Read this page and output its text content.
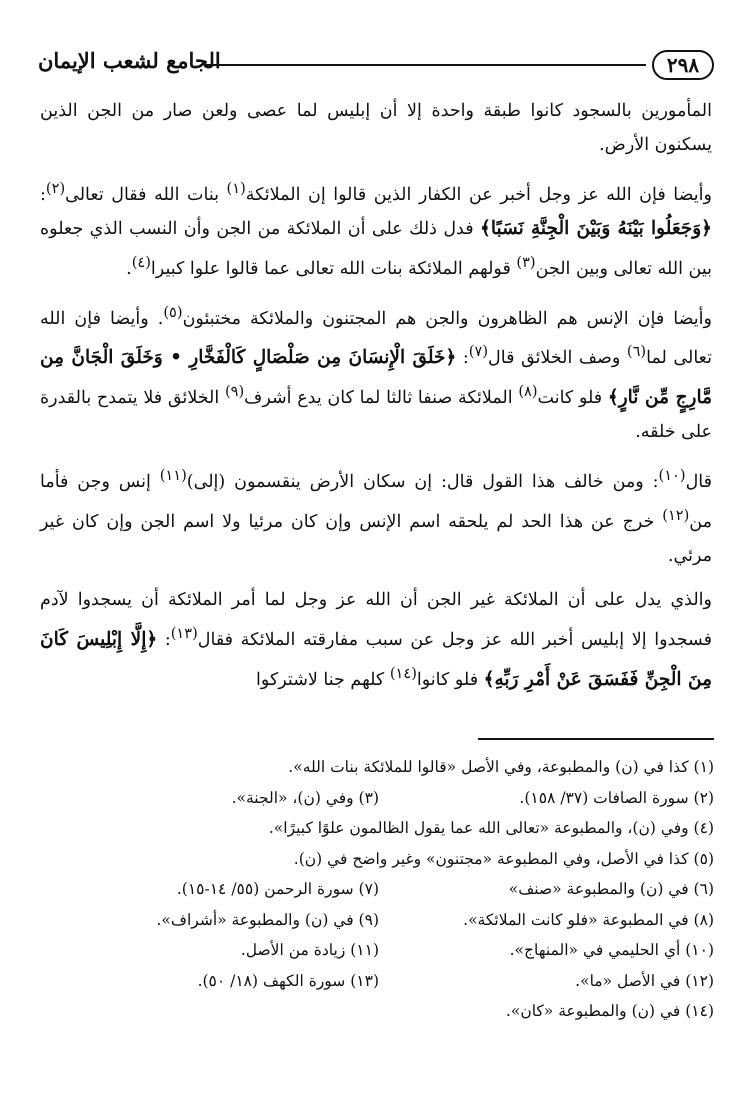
٢٩٨
الجامع لشعب الإيمان

المأمورين بالسجود كانوا طبقة واحدة إلا أن إبليس لما عصى ولعن صار من الجن الذين يسكنون الأرض.

وأيضا فإن الله عز وجل أخبر عن الكفار الذين قالوا إن الملائكة$^{(١)}$ بنات الله فقال تعالى$^{(٢)}$: ﴿وَجَعَلُوا بَيْنَهُ وَبَيْنَ الْجِنَّةِ نَسَبًا﴾ فدل ذلك على أن الملائكة من الجن وأن النسب الذي جعلوه بين الله تعالى وبين الجن$^{(٣)}$ قولهم الملائكة بنات الله تعالى عما قالوا علوا كبيرا$^{(٤)}$.

وأيضا فإن الإنس هم الظاهرون والجن هم المجتنون والملائكة مختبئون$^{(٥)}$. وأيضا فإن الله تعالى لما$^{(٦)}$ وصف الخلائق قال$^{(٧)}$: ﴿خَلَقَ الْإِنسَانَ مِن صَلْصَالٍ كَالْفَخَّارِ • وَخَلَقَ الْجَانَّ مِن مَّارِجٍ مِّن نَّارٍ﴾ فلو كانت$^{(٨)}$ الملائكة صنفا ثالثا لما كان يدع أشرف$^{(٩)}$ الخلائق فلا يتمدح بالقدرة على خلقه.

قال$^{(١٠)}$: ومن خالف هذا القول قال: إن سكان الأرض ينقسمون (إلى)$^{(١١)}$ إنس وجن فأما من$^{(١٢)}$ خرج عن هذا الحد لم يلحقه اسم الإنس وإن كان مرئيا ولا اسم الجن وإن كان غير مرئي.

والذي يدل على أن الملائكة غير الجن أن الله عز وجل لما أمر الملائكة أن يسجدوا لآدم فسجدوا إلا إبليس أخبر الله عز وجل عن سبب مفارقته الملائكة فقال$^{(١٣)}$: ﴿إِلَّا إِبْلِيسَ كَانَ مِنَ الْجِنِّ فَفَسَقَ عَنْ أَمْرِ رَبِّهِ﴾ فلو كانوا$^{(١٤)}$ كلهم جنا لاشتركوا

(١) كذا في (ن) والمطبوعة، وفي الأصل «قالوا للملائكة بنات الله».
(٢) سورة الصافات (٣٧/ ١٥٨).
(٣) وفي (ن)، «الجنة».
(٤) وفي (ن)، والمطبوعة «تعالى الله عما يقول الظالمون علوًا كبيرًا».
(٥) كذا في الأصل، وفي المطبوعة «مجتنون» وغير واضح في (ن).
(٦) في (ن) والمطبوعة «صنف»
(٧) سورة الرحمن (٥٥/ ١٤-١٥).
(٨) في المطبوعة «فلو كانت الملائكة».
(٩) في (ن) والمطبوعة «أشراف».
(١٠) أي الحليمي في «المنهاج».
(١١) زيادة من الأصل.
(١٢) في الأصل «ما».
(١٣) سورة الكهف (١٨/ ٥٠).
(١٤) في (ن) والمطبوعة «كان».
